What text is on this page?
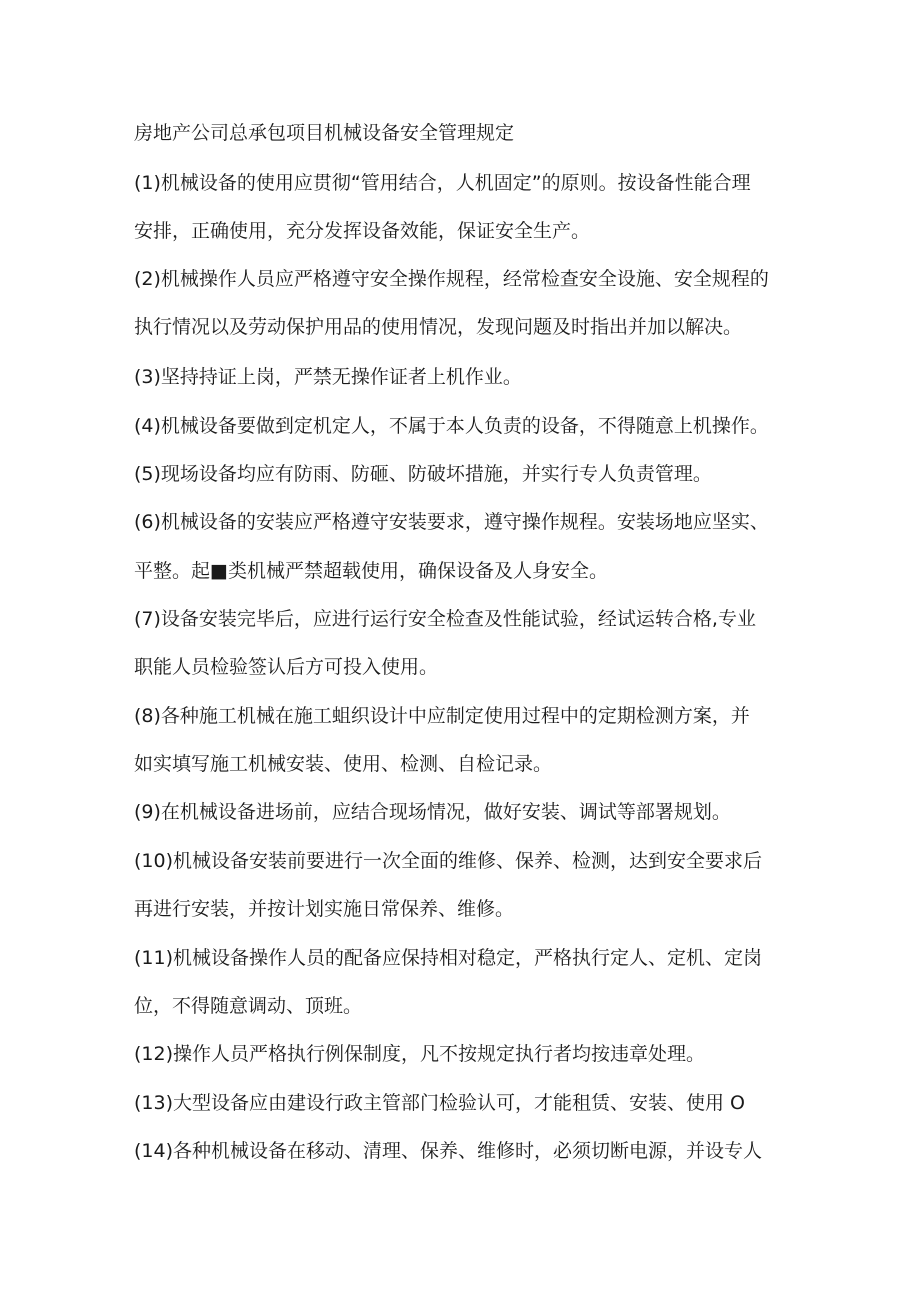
房地产公司总承包项目机械设备安全管理规定
(1)机械设备的使用应贯彻“管用结合，人机固定”的原则。按设备性能合理
安排，正确使用，充分发挥设备效能，保证安全生产。
(2)机械操作人员应严格遵守安全操作规程，经常检查安全设施、安全规程的
执行情况以及劳动保护用品的使用情况，发现问题及时指出并加以解决。
(3)坚持持证上岗，严禁无操作证者上机作业。
(4)机械设备要做到定机定人，不属于本人负责的设备，不得随意上机操作。
(5)现场设备均应有防雨、防砸、防破坏措施，并实行专人负责管理。
(6)机械设备的安装应严格遵守安装要求，遵守操作规程。安装场地应坚实、
平整。起■类机械严禁超载使用，确保设备及人身安全。
(7)设备安装完毕后，应进行运行安全检查及性能试验，经试运转合格,专业
职能人员检验签认后方可投入使用。
(8)各种施工机械在施工蛆织设计中应制定使用过程中的定期检测方案，并
如实填写施工机械安装、使用、检测、自检记录。
(9)在机械设备进场前，应结合现场情况，做好安装、调试等部署规划。
(10)机械设备安装前要进行一次全面的维修、保养、检测，达到安全要求后
再进行安装，并按计划实施日常保养、维修。
(11)机械设备操作人员的配备应保持相对稳定，严格执行定人、定机、定岗
位，不得随意调动、顶班。
(12)操作人员严格执行例保制度，凡不按规定执行者均按违章处理。
(13)大型设备应由建设行政主管部门检验认可，才能租赁、安装、使用 O
(14)各种机械设备在移动、清理、保养、维修时，必须切断电源，并设专人
